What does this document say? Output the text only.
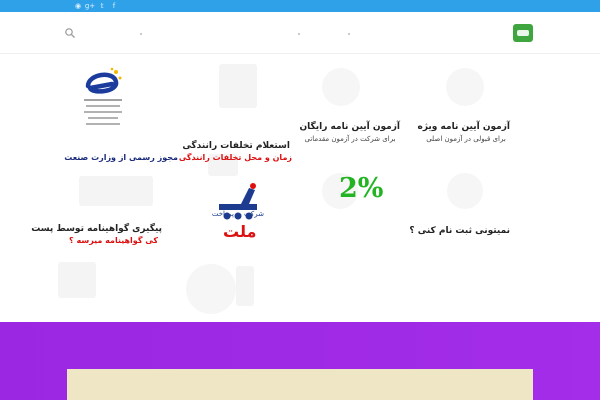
◉ g+ 𝕥	f
آزمون آیین نامه ویژه
برای قبولی در آزمون اصلی
آزمون آیین نامه رایگان
برای شرکت در آزمون مقدماتی
استعلام تخلفات رانندگی
زمان و محل تخلفات رانندگی
مجوز رسمی از وزارت صنعت
نمیتونی ثبت نام کنی ؟
2%
شرکت به پرداخت
ملت
پیگیری گواهینامه توسط پست
کی گواهینامه میرسه ؟
